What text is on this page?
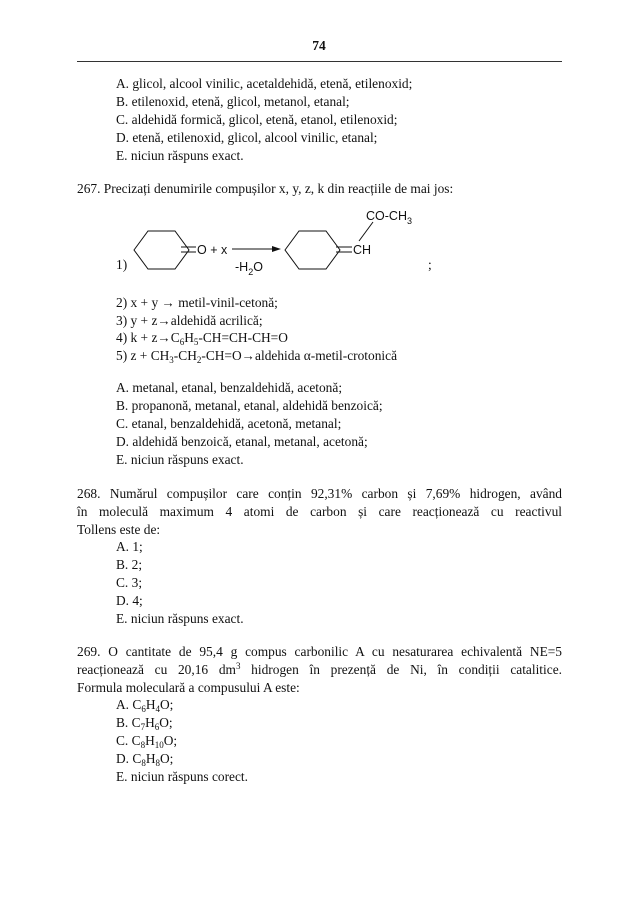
74
A. glicol, alcool vinilic, acetaldehidă, etenă, etilenoxid;
B. etilenoxid, etenă, glicol, metanol, etanal;
C. aldehidă formică, glicol, etenă, etanol, etilenoxid;
D. etenă, etilenoxid, glicol, alcool vinilic, etanal;
E. niciun răspuns exact.
267. Precizați denumirile compușilor x, y, z, k din reacțiile de mai jos:
1)
O + x
$-H_2O$
CH
$CO-CH_3$
;
2) x + y → metil-vinil-cetonă;
3) y + z→aldehidă acrilică;
4) $k + z\to C_6H_5-CH=CH-CH=O$
5) $z + CH_3-CH_2-CH=O\to aldehida$ α-metil-crotonică
A. metanal, etanal, benzaldehidă, acetonă;
B. propanonă, metanal, etanal, aldehidă benzoică;
C. etanal, benzaldehidă, acetonă, metanal;
D. aldehidă benzoică, etanal, metanal, acetonă;
E. niciun răspuns exact.
268. Numărul compușilor care conțin 92,31% carbon și 7,69% hidrogen, având
în moleculă maximum 4 atomi de carbon și care reacționează cu reactivul
Tollens este de:
A. 1;
B. 2;
C. 3;
D. 4;
E. niciun răspuns exact.
269. O cantitate de 95,4 g compus carbonilic A cu nesaturarea echivalentă NE=5
reacționează cu 20,16 $dm^3$ hidrogen în prezență de Ni, în condiții catalitice.
Formula moleculară a compusului A este:
A. $C_6H_4O$;
B. $C_7H_6O$;
C. $C_8H_{10}O$;
D. $C_8H_8O$;
E. niciun răspuns corect.
